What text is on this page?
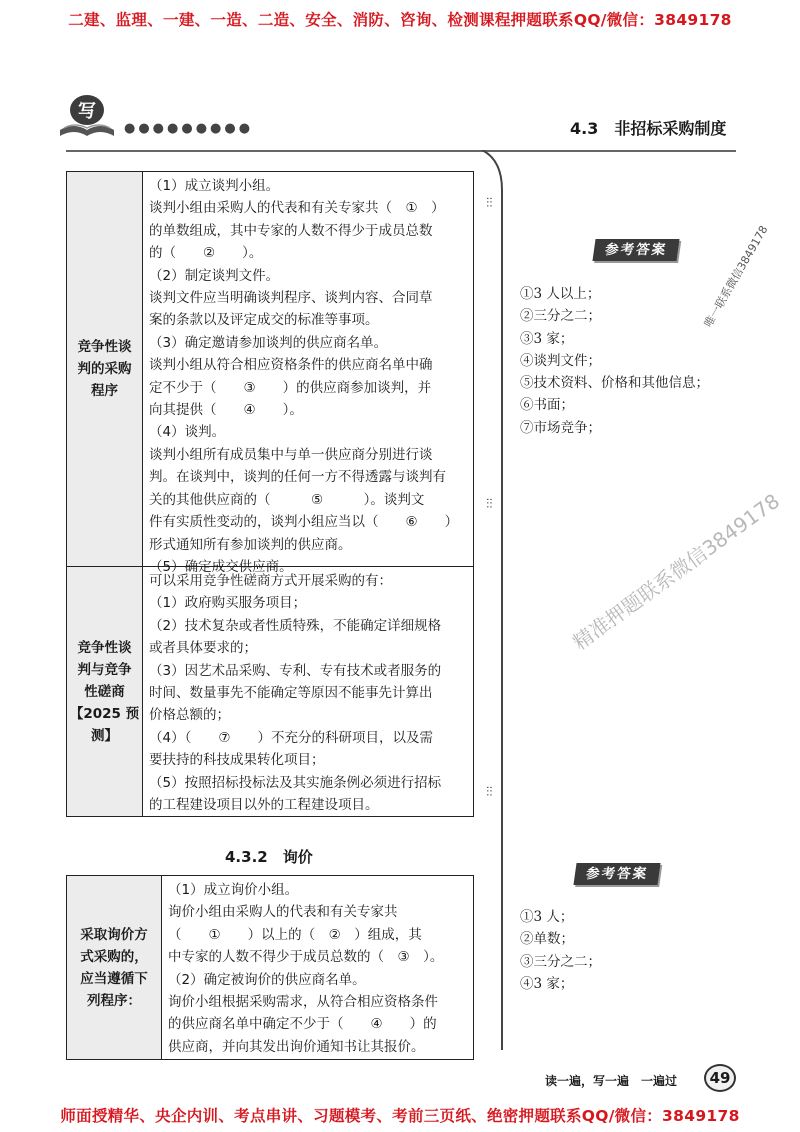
二建、监理、一建、一造、二造、安全、消防、咨询、检测课程押题联系QQ/微信：3849178
写
●●●●●●●●●	4.3　非招标采购制度
竞争性谈
判的采购
程序
（1）成立谈判小组。
谈判小组由采购人的代表和有关专家共（　①　）
的单数组成，其中专家的人数不得少于成员总数
的（　　②　　）。
（2）制定谈判文件。
谈判文件应当明确谈判程序、谈判内容、合同草
案的条款以及评定成交的标准等事项。
（3）确定邀请参加谈判的供应商名单。
谈判小组从符合相应资格条件的供应商名单中确
定不少于（　　③　　）的供应商参加谈判，并
向其提供（　　④　　）。
（4）谈判。
谈判小组所有成员集中与单一供应商分别进行谈
判。在谈判中，谈判的任何一方不得透露与谈判有
关的其他供应商的（　　　⑤　　　）。谈判文
件有实质性变动的，谈判小组应当以（　　⑥　　）
形式通知所有参加谈判的供应商。
（5）确定成交供应商。
竞争性谈
判与竞争
性磋商
【2025 预
测】
可以采用竞争性磋商方式开展采购的有：
（1）政府购买服务项目；
（2）技术复杂或者性质特殊，不能确定详细规格
或者具体要求的；
（3）因艺术品采购、专利、专有技术或者服务的
时间、数量事先不能确定等原因不能事先计算出
价格总额的；
（4）（　　⑦　　）不充分的科研项目，以及需
要扶持的科技成果转化项目；
（5）按照招标投标法及其实施条例必须进行招标
的工程建设项目以外的工程建设项目。
4.3.2　询价
采取询价方
式采购的，
应当遵循下
列程序：
（1）成立询价小组。
询价小组由采购人的代表和有关专家共
（　　①　　）以上的（　②　）组成，其
中专家的人数不得少于成员总数的（　③　）。
（2）确定被询价的供应商名单。
询价小组根据采购需求，从符合相应资格条件
的供应商名单中确定不少于（　　④　　）的
供应商，并向其发出询价通知书让其报价。
⫶⫶
⫶⫶
⫶⫶
参考答案
①3 人以上；
②三分之二；
③3 家；
④谈判文件；
⑤技术资料、价格和其他信息；
⑥书面；
⑦市场竞争；
参考答案
①3 人；
②单数；
③三分之二；
④3 家；
唯一联系微信3849178
精准押题联系微信3849178
读一遍，写一遍　一遍过	49
师面授精华、央企内训、考点串讲、习题模考、考前三页纸、绝密押题联系QQ/微信：3849178
